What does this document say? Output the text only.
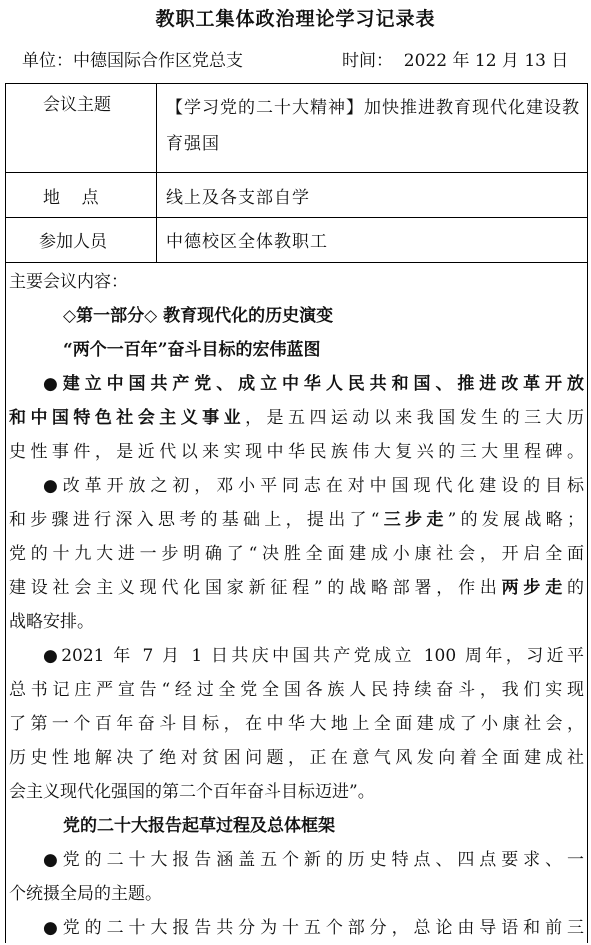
教职工集体政治理论学习记录表
单位：中德国际合作区党总支	时间：  2022 年 12 月 13 日
会议主题	【学习党的二十大精神】加快推进教育现代化建设教育强国
地    点	线上及各支部自学
参加人员	中德校区全体教职工
主要会议内容：
◇第一部分◇ 教育现代化的历史演变
“两个一百年”奋斗目标的宏伟蓝图
●建立中国共产党、成立中华人民共和国、推进改革开放
和中国特色社会主义事业，是五四运动以来我国发生的三大历
史性事件，是近代以来实现中华民族伟大复兴的三大里程碑。
●改革开放之初，邓小平同志在对中国现代化建设的目标
和步骤进行深入思考的基础上，提出了“三步走”的发展战略；
党的十九大进一步明确了“决胜全面建成小康社会，开启全面
建设社会主义现代化国家新征程”的战略部署，作出两步走的
战略安排。
●2021 年 7 月 1 日共庆中国共产党成立 100 周年，习近平
总书记庄严宣告“经过全党全国各族人民持续奋斗，我们实现
了第一个百年奋斗目标，在中华大地上全面建成了小康社会，
历史性地解决了绝对贫困问题，正在意气风发向着全面建成社
会主义现代化强国的第二个百年奋斗目标迈进”。
党的二十大报告起草过程及总体框架
●党的二十大报告涵盖五个新的历史特点、四点要求、一
个统摄全局的主题。
●党的二十大报告共分为十五个部分，总论由导语和前三
